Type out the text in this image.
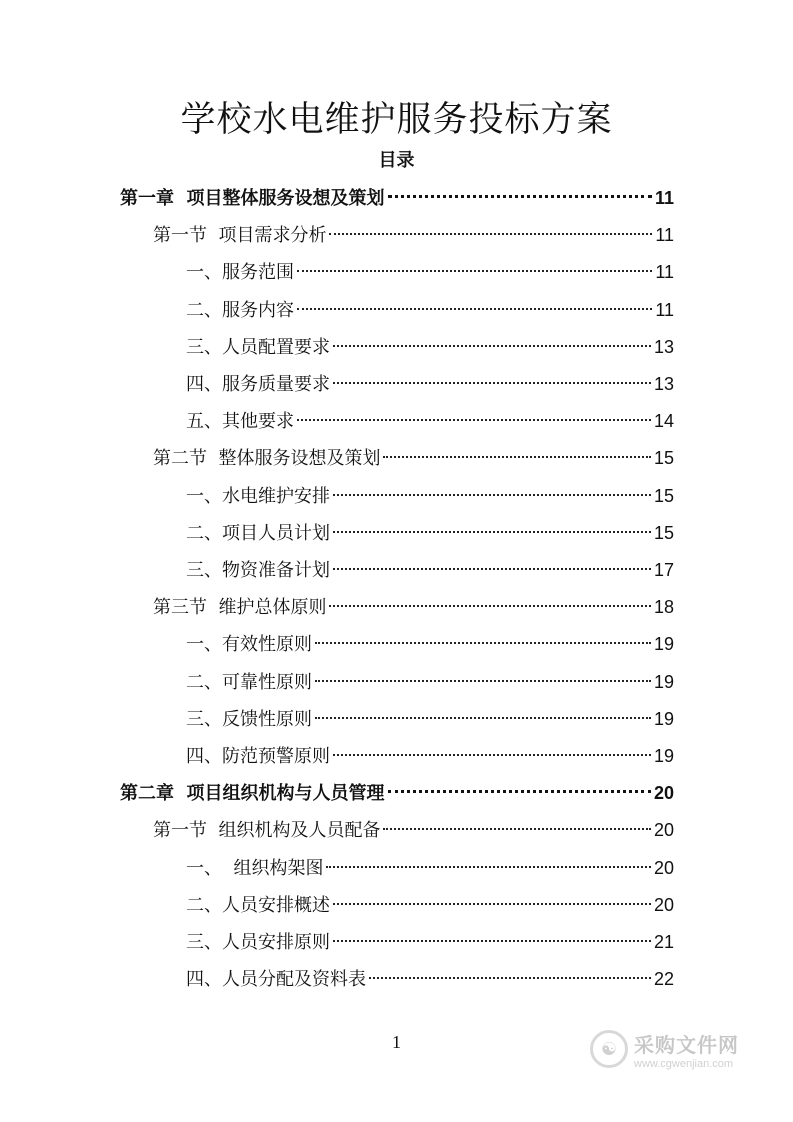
学校水电维护服务投标方案
目录
第一章  项目整体服务设想及策划	11
第一节  项目需求分析	11
一、服务范围	11
二、服务内容	11
三、人员配置要求	13
四、服务质量要求	13
五、其他要求	14
第二节  整体服务设想及策划	15
一、水电维护安排	15
二、项目人员计划	15
三、物资准备计划	17
第三节  维护总体原则	18
一、有效性原则	19
二、可靠性原则	19
三、反馈性原则	19
四、防范预警原则	19
第二章  项目组织机构与人员管理	20
第一节  组织机构及人员配备	20
一、  组织构架图	20
二、人员安排概述	20
三、人员安排原则	21
四、人员分配及资料表	22
1	☯ 采购文件网
www.cgwenjian.com
